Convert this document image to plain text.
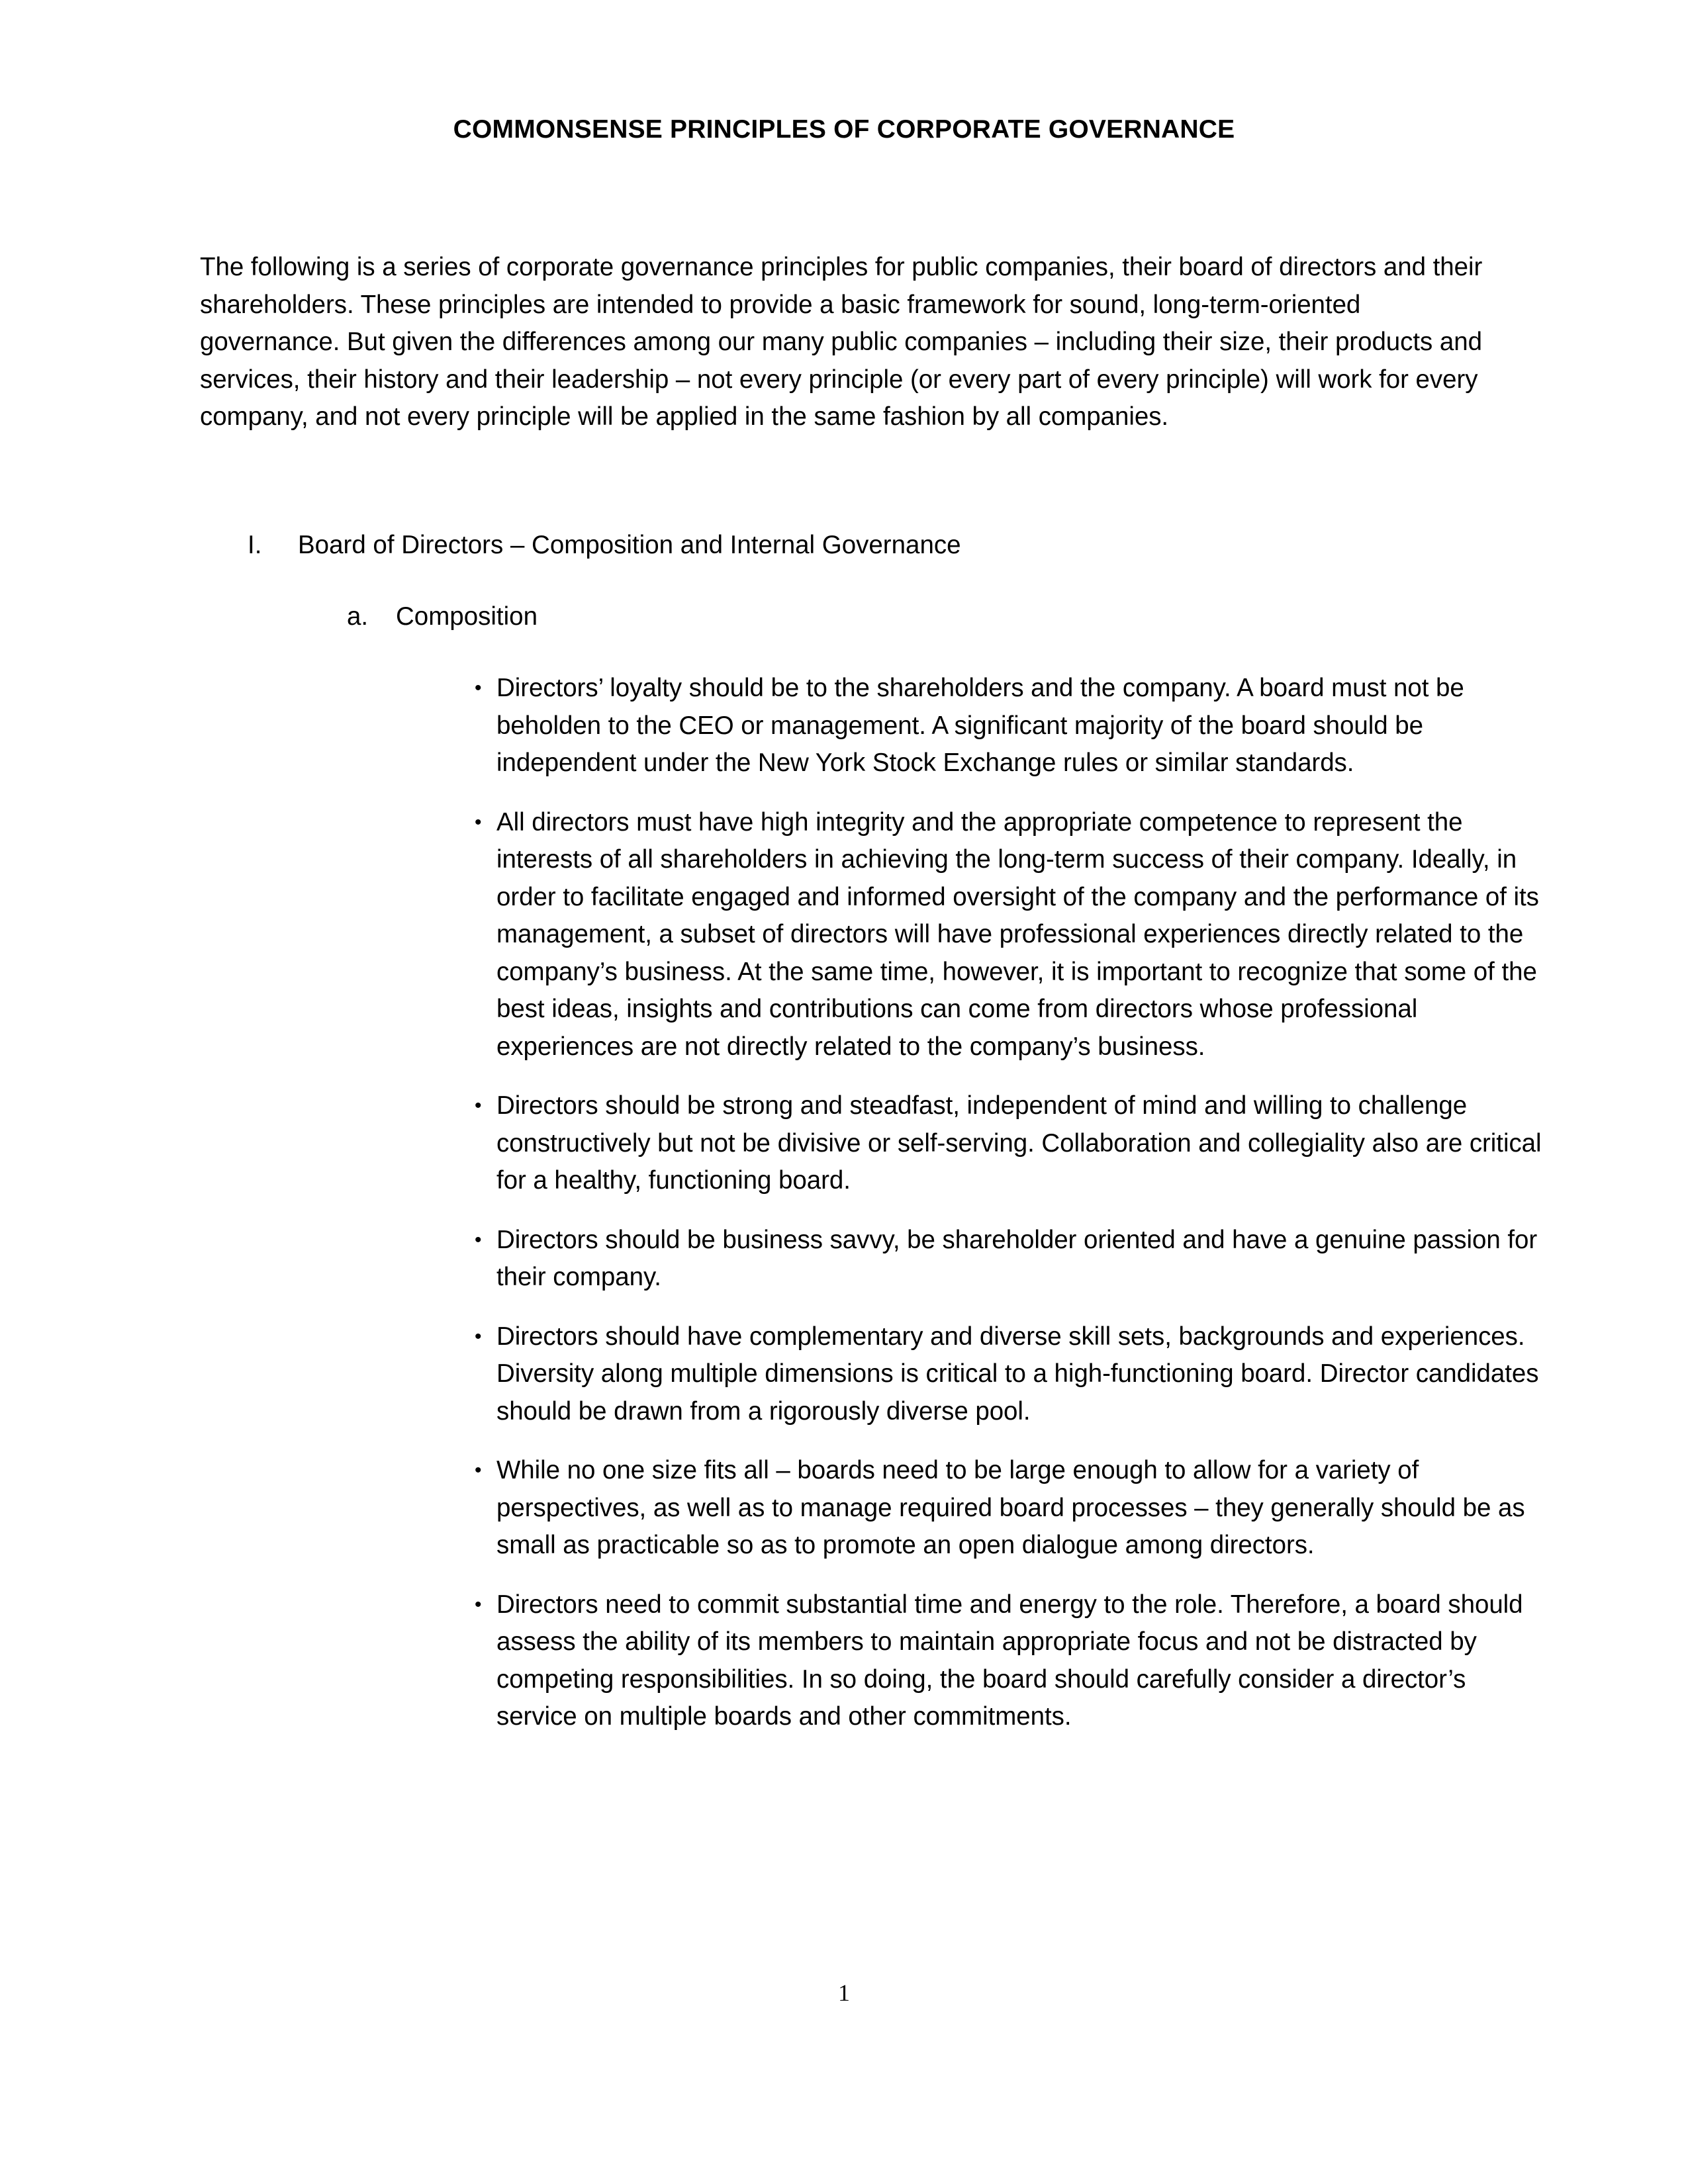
COMMONSENSE PRINCIPLES OF CORPORATE GOVERNANCE

The following is a series of corporate governance principles for public companies, their board of directors and their shareholders. These principles are intended to provide a basic framework for sound, long-term-oriented governance. But given the differences among our many public companies – including their size, their products and services, their history and their leadership – not every principle (or every part of every principle) will work for every company, and not every principle will be applied in the same fashion by all companies.

I.	Board of Directors – Composition and Internal Governance
a.	Composition
• Directors’ loyalty should be to the shareholders and the company. A board must not be beholden to the CEO or management. A significant majority of the board should be independent under the New York Stock Exchange rules or similar standards.
• All directors must have high integrity and the appropriate competence to represent the interests of all shareholders in achieving the long-term success of their company. Ideally, in order to facilitate engaged and informed oversight of the company and the performance of its management, a subset of directors will have professional experiences directly related to the company’s business. At the same time, however, it is important to recognize that some of the best ideas, insights and contributions can come from directors whose professional experiences are not directly related to the company’s business.
• Directors should be strong and steadfast, independent of mind and willing to challenge constructively but not be divisive or self-serving. Collaboration and collegiality also are critical for a healthy, functioning board.
• Directors should be business savvy, be shareholder oriented and have a genuine passion for their company.
• Directors should have complementary and diverse skill sets, backgrounds and experiences. Diversity along multiple dimensions is critical to a high-functioning board. Director candidates should be drawn from a rigorously diverse pool.
• While no one size fits all – boards need to be large enough to allow for a variety of perspectives, as well as to manage required board processes – they generally should be as small as practicable so as to promote an open dialogue among directors.
• Directors need to commit substantial time and energy to the role. Therefore, a board should assess the ability of its members to maintain appropriate focus and not be distracted by competing responsibilities. In so doing, the board should carefully consider a director’s service on multiple boards and other commitments.
1
